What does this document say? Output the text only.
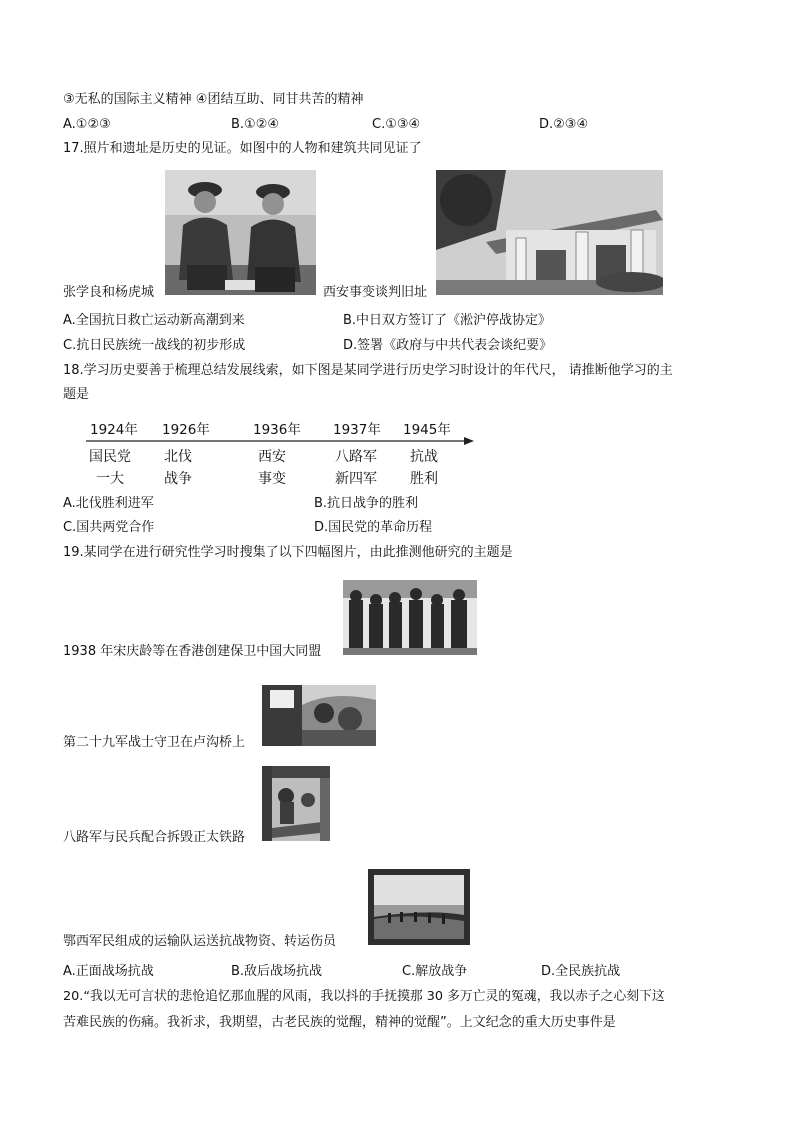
③无私的国际主义精神 ④团结互助、同甘共苦的精神
A.①②③	B.①②④	C.①③④	D.②③④
17.照片和遗址是历史的见证。如图中的人物和建筑共同见证了
张学良和杨虎城	西安事变谈判旧址
A.全国抗日救亡运动新高潮到来	B.中日双方签订了《淞沪停战协定》
C.抗日民族统一战线的初步形成	D.签署《政府与中共代表会谈纪要》
18.学习历史要善于梳理总结发展线索，如下图是某同学进行历史学习时设计的年代尺， 请推断他学习的主
题是
1924年 1926年	1936年 1937年 1945年
国民党
一大
北伐
战争
西安
事变
八路军
新四军
抗战
胜利
A.北伐胜利进军	B.抗日战争的胜利
C.国共两党合作	D.国民党的革命历程
19.某同学在进行研究性学习时搜集了以下四幅图片，由此推测他研究的主题是
1938 年宋庆龄等在香港创建保卫中国大同盟
第二十九军战士守卫在卢沟桥上
八路军与民兵配合拆毁正太铁路
鄂西军民组成的运输队运送抗战物资、转运伤员
A.正面战场抗战	B.敌后战场抗战	C.解放战争	D.全民族抗战
20.“我以无可言状的悲怆追忆那血腥的风雨，我以抖的手抚摸那 30 多万亡灵的冤魂，我以赤子之心刻下这
苦难民族的伤痛。我祈求，我期望，古老民族的觉醒，精神的觉醒”。上文纪念的重大历史事件是
